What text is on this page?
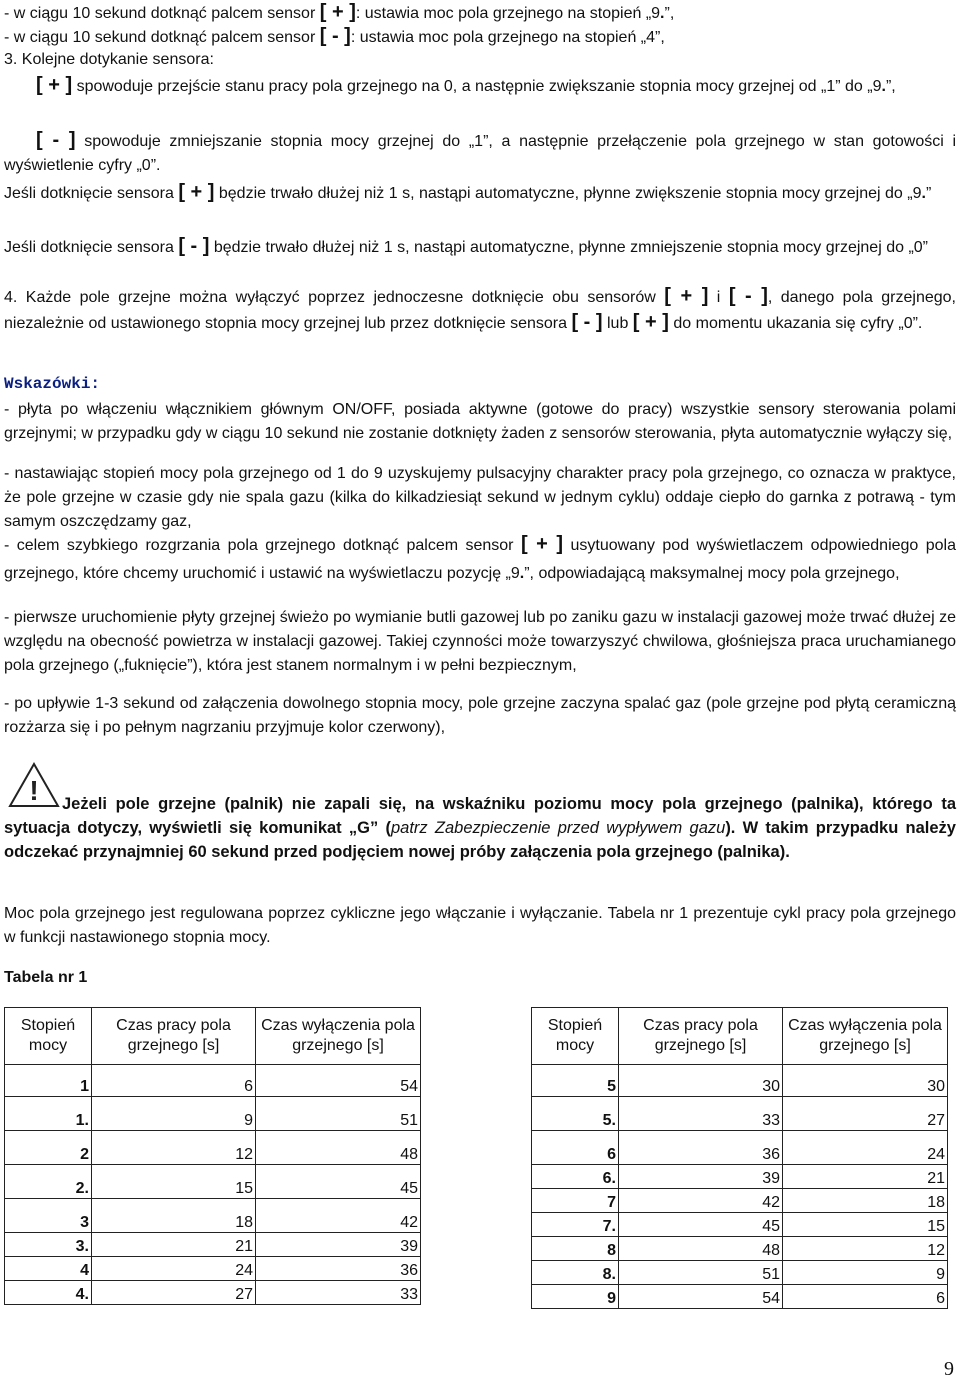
- w ciągu 10 sekund dotknąć palcem sensor [ + ]: ustawia moc pola grzejnego na stopień „9.”,

- w ciągu 10 sekund dotknąć palcem sensor [ - ]: ustawia moc pola grzejnego na stopień „4”,

3. Kolejne dotykanie sensora:

[ + ] spowoduje przejście stanu pracy pola grzejnego na 0, a następnie zwiększanie stopnia mocy grzejnej od „1” do „9.”,

[ - ] spowoduje zmniejszanie stopnia mocy grzejnej do „1”, a następnie przełączenie pola grzejnego w stan gotowości i wyświetlenie cyfry „0”.

Jeśli dotknięcie sensora [ + ] będzie trwało dłużej niż 1 s, nastąpi automatyczne, płynne zwiększenie stopnia mocy grzejnej do „9.”

Jeśli dotknięcie sensora [ - ] będzie trwało dłużej niż 1 s, nastąpi automatyczne, płynne zmniejszenie stopnia mocy grzejnej do „0”

4. Każde pole grzejne można wyłączyć poprzez jednoczesne dotknięcie obu sensorów [ + ] i [ - ], danego pola grzejnego, niezależnie od ustawionego stopnia mocy grzejnej lub przez dotknięcie sensora [ - ] lub [ + ] do momentu ukazania się cyfry „0”.

Wskazówki:

- płyta po włączeniu włącznikiem głównym ON/OFF, posiada aktywne (gotowe do pracy) wszystkie sensory sterowania polami grzejnymi; w przypadku gdy w ciągu 10 sekund nie zostanie dotknięty żaden z sensorów sterowania, płyta automatycznie wyłączy się,

- nastawiając stopień mocy pola grzejnego od 1 do 9 uzyskujemy pulsacyjny charakter pracy pola grzejnego, co oznacza w praktyce, że pole grzejne w czasie gdy nie spala gazu (kilka do kilkadziesiąt sekund w jednym cyklu) oddaje ciepło do garnka z potrawą - tym samym oszczędzamy gaz,

- celem szybkiego rozgrzania pola grzejnego dotknąć palcem sensor [ + ] usytuowany pod wyświetlaczem odpowiedniego pola grzejnego, które chcemy uruchomić i ustawić na wyświetlaczu pozycję „9.”, odpowiadającą maksymalnej mocy pola grzejnego,

- pierwsze uruchomienie płyty grzejnej świeżo po wymianie butli gazowej lub po zaniku gazu w instalacji gazowej może trwać dłużej ze względu na obecność powietrza w instalacji gazowej. Takiej czynności może towarzyszyć chwilowa, głośniejsza praca uruchamianego pola grzejnego („fuknięcie”), która jest stanem normalnym i w pełni bezpiecznym,

- po upływie 1-3 sekund od załączenia dowolnego stopnia mocy, pole grzejne zaczyna spalać gaz (pole grzejne pod płytą ceramiczną rozżarza się i po pełnym nagrzaniu przyjmuje kolor czerwony),

!	Jeżeli pole grzejne (palnik) nie zapali się, na wskaźniku poziomu mocy pola grzejnego (palnika), którego ta sytuacja dotyczy, wyświetli się komunikat „G” (patrz Zabezpieczenie przed wypływem gazu). W takim przypadku należy odczekać przynajmniej 60 sekund przed podjęciem nowej próby załączenia pola grzejnego (palnika).

Moc pola grzejnego jest regulowana poprzez cykliczne jego włączanie i wyłączanie. Tabela nr 1 prezentuje cykl pracy pola grzejnego w funkcji nastawionego stopnia mocy.

Tabela nr 1

Stopień mocy	Czas pracy pola grzejnego [s]	Czas wyłączenia pola grzejnego [s]
1	6	54
1.	9	51
2	12	48
2.	15	45
3	18	42
3.	21	39
4	24	36
4.	27	33
Stopień mocy	Czas pracy pola grzejnego [s]	Czas wyłączenia pola grzejnego [s]
5	30	30
5.	33	27
6	36	24
6.	39	21
7	42	18
7.	45	15
8	48	12
8.	51	9
9	54	6
9
